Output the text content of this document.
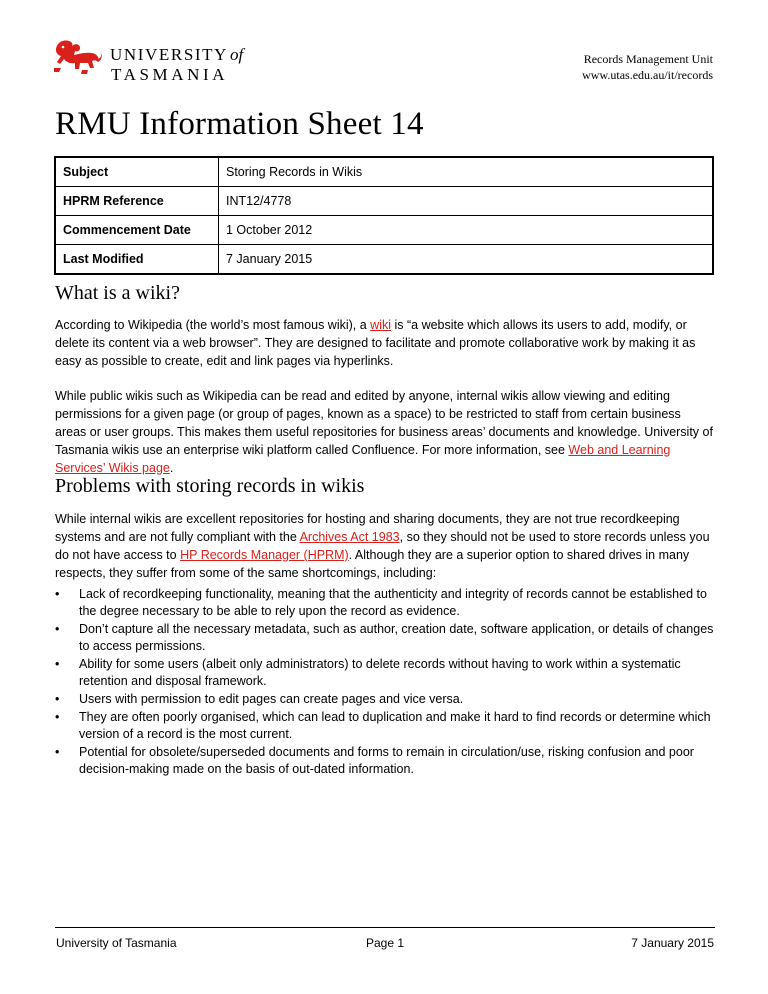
UNIVERSITY of
TASMANIA
Records Management Unit
www.utas.edu.au/it/records
RMU Information Sheet 14
Subject	Storing Records in Wikis
HPRM Reference	INT12/4778
Commencement Date	1 October 2012
Last Modified	7 January 2015
What is a wiki?

According to Wikipedia (the world’s most famous wiki), a wiki is “a website which allows its users to add, modify, or delete its content via a web browser”. They are designed to facilitate and promote collaborative work by making it as easy as possible to create, edit and link pages via hyperlinks.

While public wikis such as Wikipedia can be read and edited by anyone, internal wikis allow viewing and editing permissions for a given page (or group of pages, known as a space) to be restricted to staff from certain business areas or user groups. This makes them useful repositories for business areas’ documents and knowledge. University of Tasmania wikis use an enterprise wiki platform called Confluence. For more information, see Web and Learning Services’ Wikis page.

Problems with storing records in wikis

While internal wikis are excellent repositories for hosting and sharing documents, they are not true recordkeeping systems and are not fully compliant with the Archives Act 1983, so they should not be used to store records unless you do not have access to HP Records Manager (HPRM). Although they are a superior option to shared drives in many respects, they suffer from some of the same shortcomings, including:

• Lack of recordkeeping functionality, meaning that the authenticity and integrity of records cannot be established to the degree necessary to be able to rely upon the record as evidence.
• Don’t capture all the necessary metadata, such as author, creation date, software application, or details of changes to access permissions.
• Ability for some users (albeit only administrators) to delete records without having to work within a systematic retention and disposal framework.
• Users with permission to edit pages can create pages and vice versa.
• They are often poorly organised, which can lead to duplication and make it hard to find records or determine which version of a record is the most current.
• Potential for obsolete/superseded documents and forms to remain in circulation/use, risking confusion and poor decision-making made on the basis of out-dated information.
University of Tasmania	Page 1	7 January 2015
